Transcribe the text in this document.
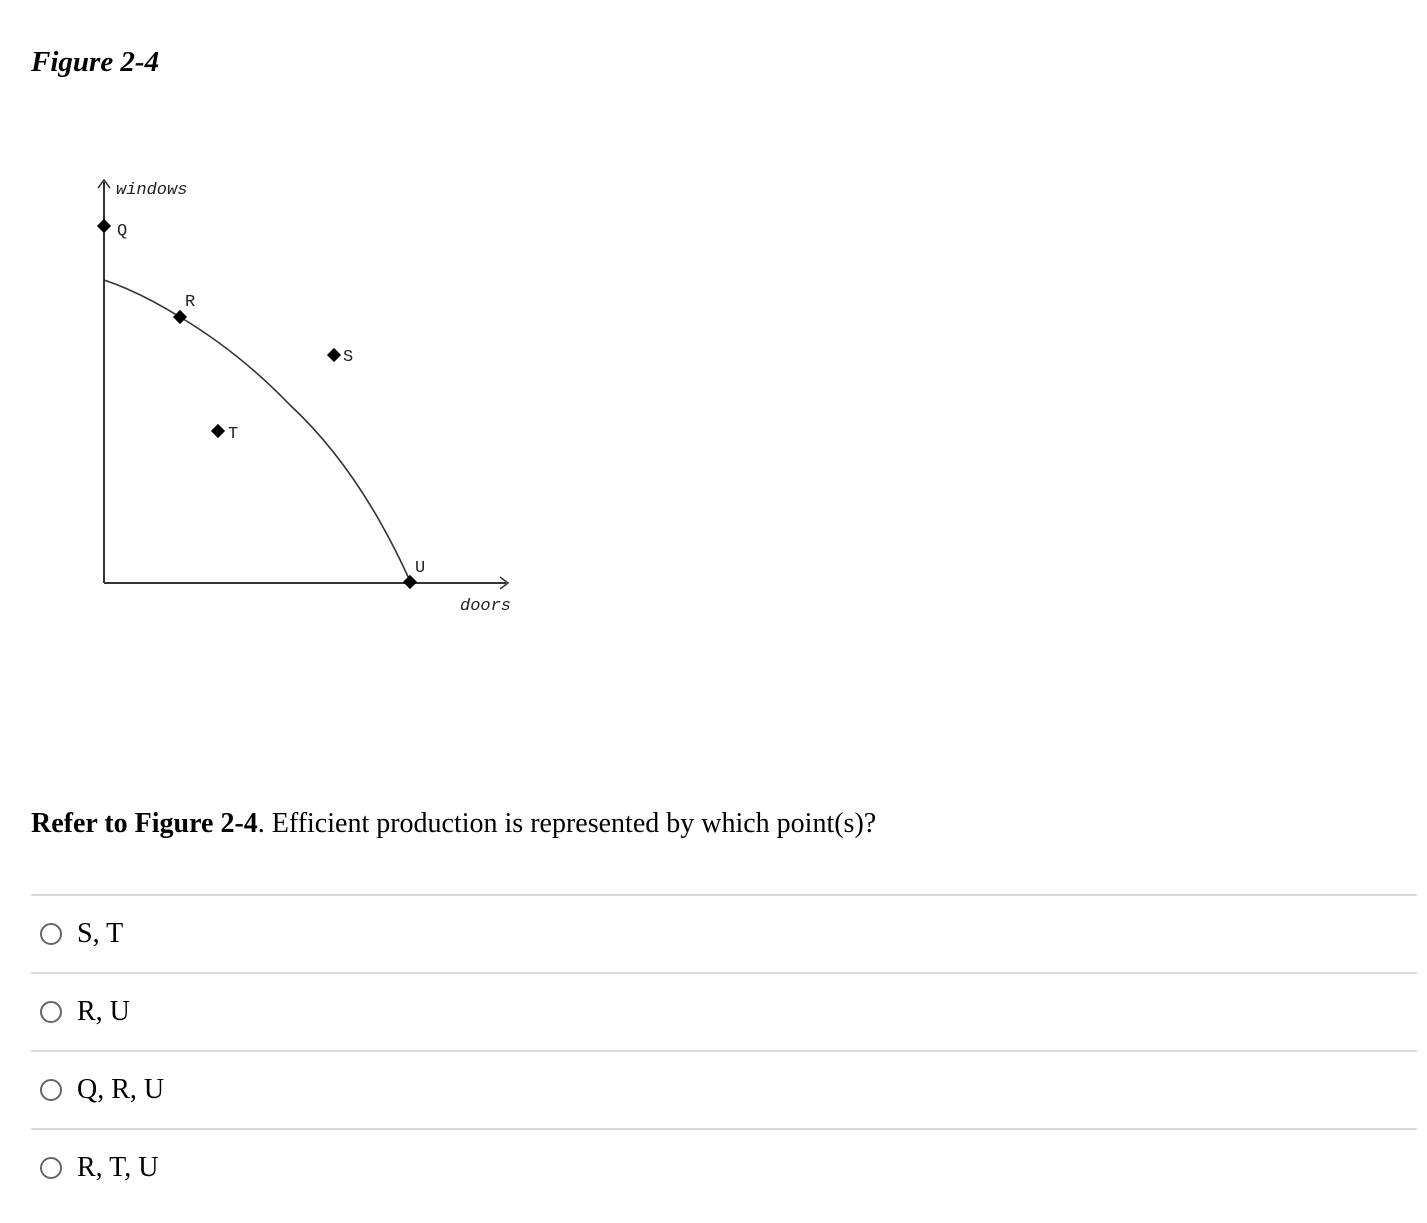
Figure 2-4
windows
doors
Q
R
S
T
U

Refer to Figure 2-4. Efficient production is represented by which point(s)?

S, T
R, U
Q, R, U
R, T, U
